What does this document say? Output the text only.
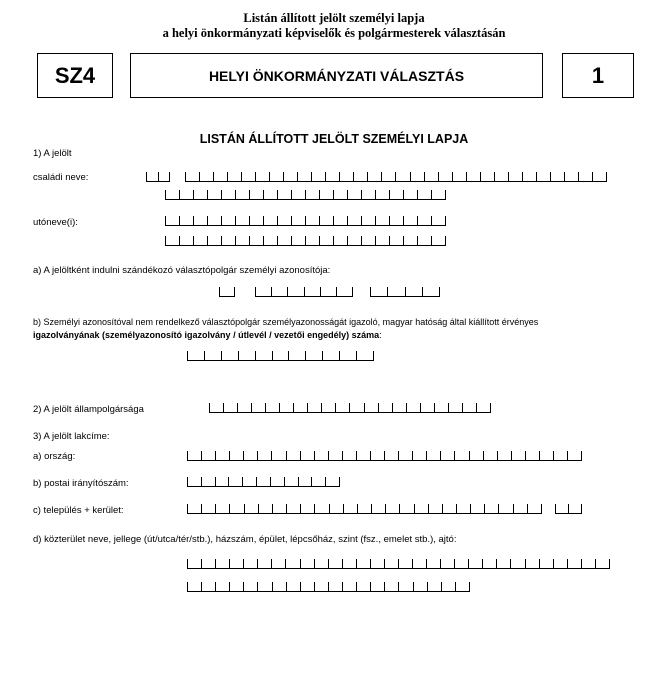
Listán állított jelölt személyi lapja
a helyi önkormányzati képviselők és polgármesterek választásán
SZ4	HELYI ÖNKORMÁNYZATI VÁLASZTÁS	1
LISTÁN ÁLLÍTOTT JELÖLT SZEMÉLYI LAPJA
1) A jelölt
családi neve:
utóneve(i):
a) A jelöltként indulni szándékozó választópolgár személyi azonosítója:
b) Személyi azonosítóval nem rendelkező választópolgár személyazonosságát igazoló, magyar hatóság által kiállított érvényes
igazolványának (személyazonosító igazolvány / útlevél / vezetői engedély) száma:
2) A jelölt állampolgársága
3) A jelölt lakcíme:
a) ország:
b) postai irányítószám:
c) település + kerület:
d) közterület neve, jellege (út/utca/tér/stb.), házszám, épület, lépcsőház, szint (fsz., emelet stb.), ajtó:
